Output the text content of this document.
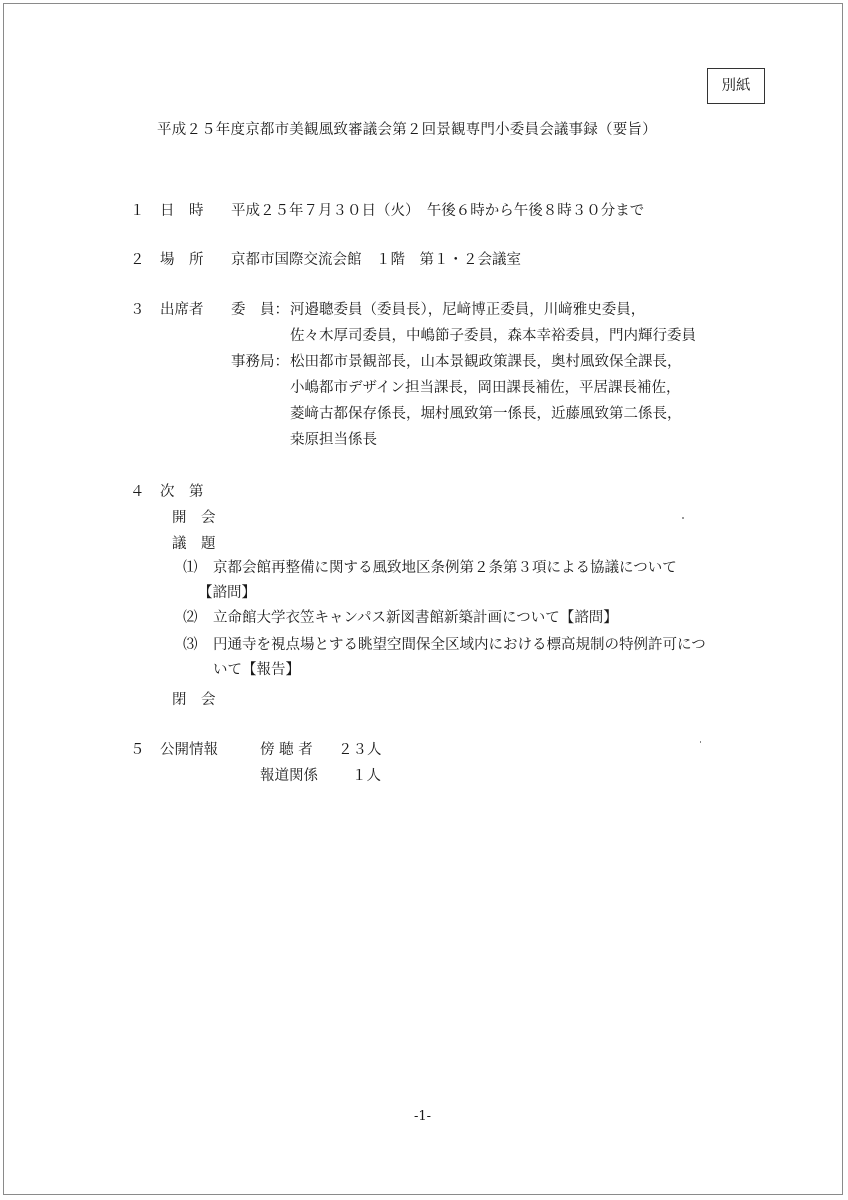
別紙
平成２５年度京都市美観風致審議会第２回景観専門小委員会議事録（要旨）
１ 日　時 平成２５年７月３０日（火）　午後６時から午後８時３０分まで
２ 場　所 京都市国際交流会館　１階　第１・２会議室
３ 出席者 委　員： 河邉聰委員（委員長），尼﨑博正委員，川﨑雅史委員，
佐々木厚司委員，中嶋節子委員，森本幸裕委員，門内輝行委員
事務局： 松田都市景観部長，山本景観政策課長，奥村風致保全課長，
小嶋都市デザイン担当課長，岡田課長補佐，平居課長補佐，
菱﨑古都保存係長，堀村風致第一係長，近藤風致第二係長，
桒原担当係長
４ 次　第
開　会
議　題
⑴ 京都会館再整備に関する風致地区条例第２条第３項による協議について
【諮問】
⑵ 立命館大学衣笠キャンパス新図書館新築計画について【諮問】
⑶ 円通寺を視点場とする眺望空間保全区域内における標高規制の特例許可につ
いて【報告】
閉　会
５ 公開情報	傍 聴 者 ２３人
報道関係 １人
-1-
